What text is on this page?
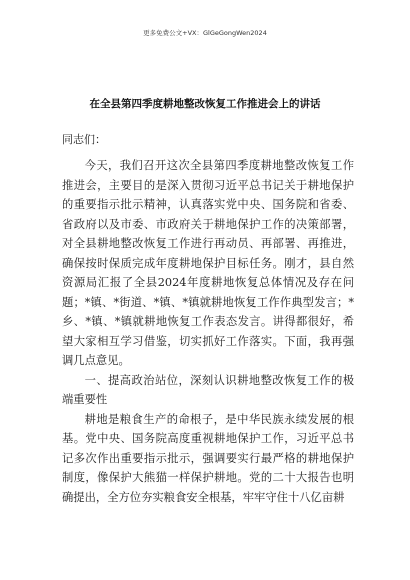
更多免费公文+VX：GlGeGongWen2024
在全县第四季度耕地整改恢复工作推进会上的讲话

同志们：

今天，我们召开这次全县第四季度耕地整改恢复工作推进会，主要目的是深入贯彻习近平总书记关于耕地保护的重要指示批示精神，认真落实党中央、国务院和省委、省政府以及市委、市政府关于耕地保护工作的决策部署，对全县耕地整改恢复工作进行再动员、再部署、再推进，确保按时保质完成年度耕地保护目标任务。刚才，县自然资源局汇报了全县2024年度耕地恢复总体情况及存在问题；*镇、*街道、*镇、*镇就耕地恢复工作作典型发言；*乡、*镇、*镇就耕地恢复工作表态发言。讲得都很好，希望大家相互学习借鉴，切实抓好工作落实。下面，我再强调几点意见。

一、提高政治站位，深刻认识耕地整改恢复工作的极端重要性

耕地是粮食生产的命根子，是中华民族永续发展的根基。党中央、国务院高度重视耕地保护工作，习近平总书记多次作出重要指示批示，强调要实行最严格的耕地保护制度，像保护大熊猫一样保护耕地。党的二十大报告也明确提出，全方位夯实粮食安全根基，牢牢守住十八亿亩耕
